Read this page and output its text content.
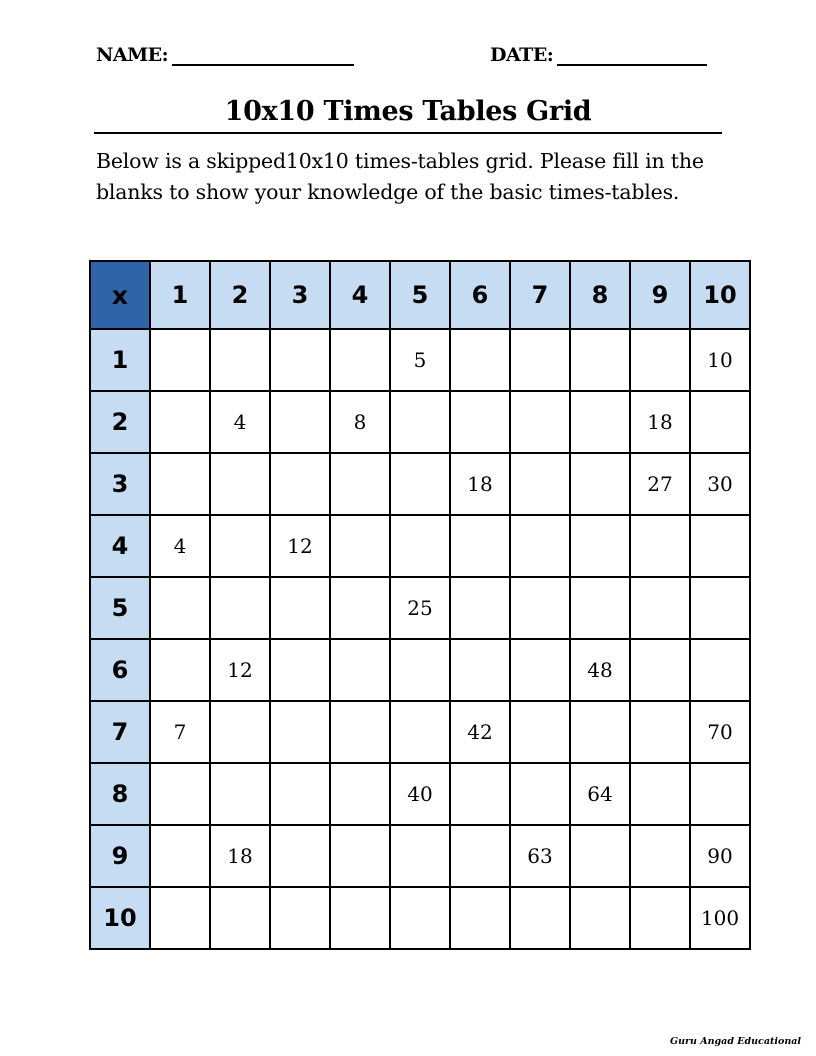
NAME:	DATE:
10x10 Times Tables Grid
Below is a skipped10x10 times-tables grid. Please fill in the blanks to show your knowledge of the basic times-tables.
x	1	2	3	4	5	6	7	8	9	10
1					5					10
2		4		8					18	
3						18			27	30
4	4		12							
5					25					
6		12						48		
7	7					42				70
8					40			64		
9		18					63			90
10										100
Guru Angad Educational
